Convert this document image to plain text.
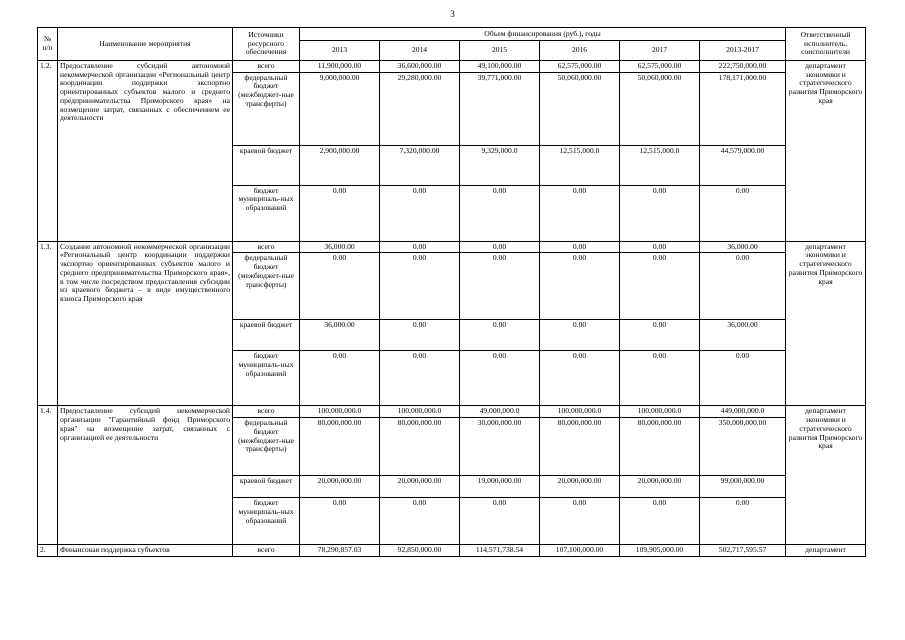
3
№ п/п	Наименование мероприятия	Источники ресурсного обеспечения	Объем финансирования (руб.), годы						Ответственный исполнитель, соисполнители
			2013	2014	2015	2016	2017	2013-2017	
1.2.	Предоставление субсидий автономной некоммерческой организации «Региональный центр координации поддержки экспортно ориентированных субъектов малого и среднего предпринимательства Приморского края» на возмещение затрат, связанных с обеспечением ее деятельности	всего	11,900,000.00	36,600,000.00	49,100,000.00	62,575,000.00	62,575,000.00	222,750,000.00	департамент экономики и стратегического развития Приморского края
		федеральный бюджет (межбюджет-ные трансферты)	9,000,000.00	29,280,000.00	39,771,000.00	50,060,000.00	50,060,000.00	178,171,000.00	
		краевой бюджет	2,900,000.00	7,320,000.00	9,329,000.0	12,515,000.0	12,515,000.0	44,579,000.00	
		бюджет муниципаль-ных образований	0.00	0.00	0.00	0.00	0.00	0.00	
1.3.	Создание автономной некоммерческой организации «Региональный центр координации поддержки экспортно ориентированных субъектов малого и среднего предпринимательства Приморского края», в том числе посредством предоставления субсидии из краевого бюджета – в виде имущественного взноса Приморского края	всего	36,000.00	0.00	0.00	0.00	0.00	36,000.00	департамент экономики и стратегического развития Приморского края
		федеральный бюджет (межбюджет-ные трансферты)	0.00	0.00	0.00	0.00	0.00	0.00	
		краевой бюджет	36,000.00	0.00	0.00	0.00	0.00	36,000.00	
		бюджет муниципаль-ных образований	0.00	0.00	0.00	0.00	0.00	0.00	
1.4.	Предоставление субсидий некоммерческой организации "Гарантийный фонд Приморского края" на возмещение затрат, связанных с организацией ее деятельности	всего	100,000,000.0	100,000,000.0	49,000,000.0	100,000,000.0	100,000,000.0	449,000,000.0	департамент экономики и стратегического развития Приморского края
		федеральный бюджет (межбюджет-ные трансферты)	80,000,000.00	80,000,000.00	30,000,000.00	80,000,000.00	80,000,000.00	350,000,000.00	
		краевой бюджет	20,000,000.00	20,000,000.00	19,000,000.00	20,000,000.00	20,000,000.00	99,000,000.00	
		бюджет муниципаль-ных образований	0.00	0.00	0.00	0.00	0.00	0.00	
2.	Финансовая поддержка субъектов	всего	78,290,857.03	92,850,000.00	114,571,738.54	107,100,000.00	109,905,000.00	502,717,595.57	департамент
